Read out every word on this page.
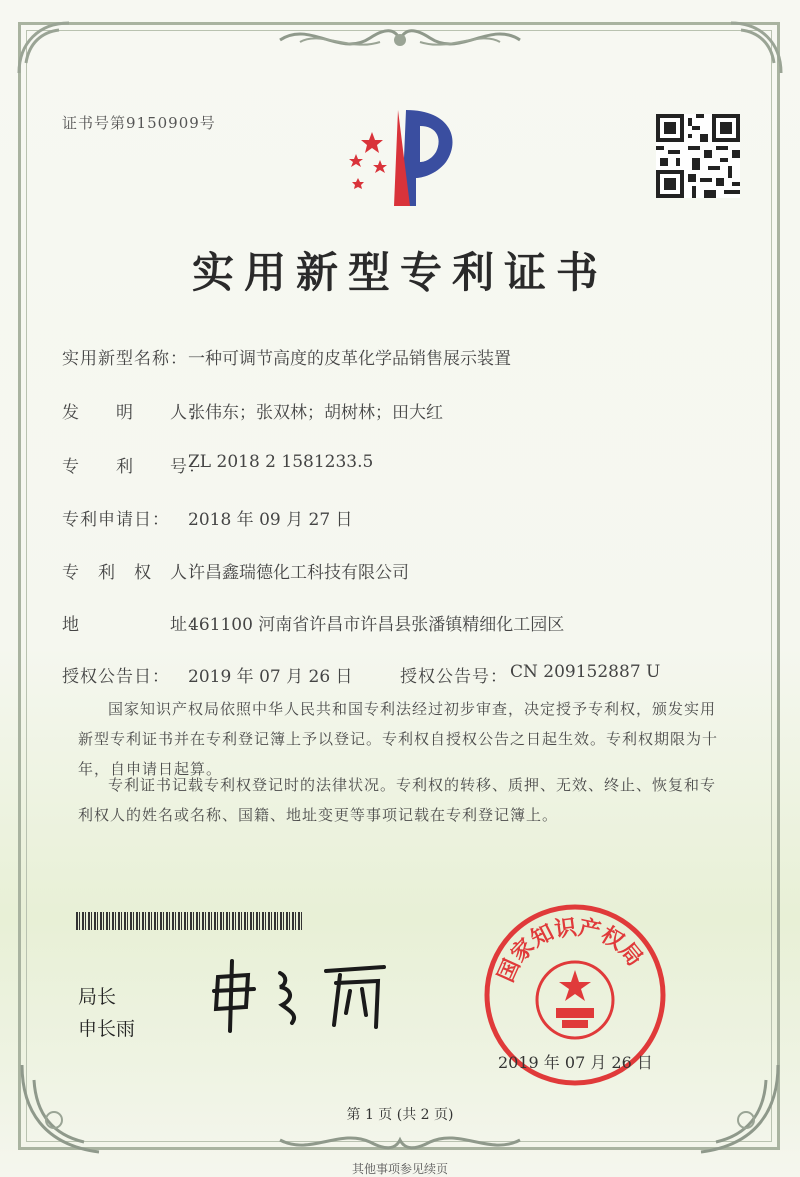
证书号第9150909号
实用新型专利证书
实用新型名称： 一种可调节高度的皮革化学品销售展示装置
发　　明　　人：
张伟东；张双林；胡树林；田大红
专　　利　　号：
ZL 2018 2 1581233.5
专利申请日： 2018 年 09 月 27 日
专　利　权　人：
许昌鑫瑞德化工科技有限公司
地　　　　　址：
461100 河南省许昌市许昌县张潘镇精细化工园区
授权公告日： 2019 年 07 月 26 日	授权公告号： CN 209152887 U
国家知识产权局依照中华人民共和国专利法经过初步审查，决定授予专利权，颁发实用新型专利证书并在专利登记簿上予以登记。专利权自授权公告之日起生效。专利权期限为十年，自申请日起算。
专利证书记载专利权登记时的法律状况。专利权的转移、质押、无效、终止、恢复和专利权人的姓名或名称、国籍、地址变更等事项记载在专利登记簿上。
局长
申长雨
国家知识产权局
2019 年 07 月 26 日
第 1 页 (共 2 页)
其他事项参见续页
